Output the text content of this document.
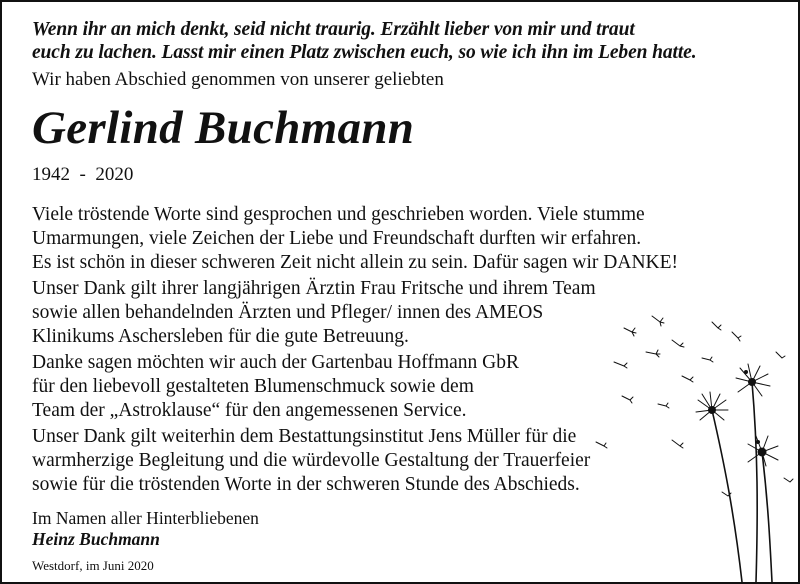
Wenn ihr an mich denkt, seid nicht traurig. Erzählt lieber von mir und traut
euch zu lachen. Lasst mir einen Platz zwischen euch, so wie ich ihn im Leben hatte.
Wir haben Abschied genommen von unserer geliebten
Gerlind Buchmann
1942  -  2020
Viele tröstende Worte sind gesprochen und geschrieben worden. Viele stumme
Umarmungen, viele Zeichen der Liebe und Freundschaft durften wir erfahren.
Es ist schön in dieser schweren Zeit nicht allein zu sein. Dafür sagen wir DANKE!
Unser Dank gilt ihrer langjährigen Ärztin Frau Fritsche und ihrem Team
sowie allen behandelnden Ärzten und Pfleger/ innen des AMEOS
Klinikums Aschersleben für die gute Betreuung.
Danke sagen möchten wir auch der Gartenbau Hoffmann GbR
für den liebevoll gestalteten Blumenschmuck sowie dem
Team der „Astroklause“ für den angemessenen Service.
Unser Dank gilt weiterhin dem Bestattungsinstitut Jens Müller für die
warmherzige Begleitung und die würdevolle Gestaltung der Trauerfeier
sowie für die tröstenden Worte in der schweren Stunde des Abschieds.
Im Namen aller Hinterbliebenen
Heinz Buchmann
Westdorf, im Juni 2020
